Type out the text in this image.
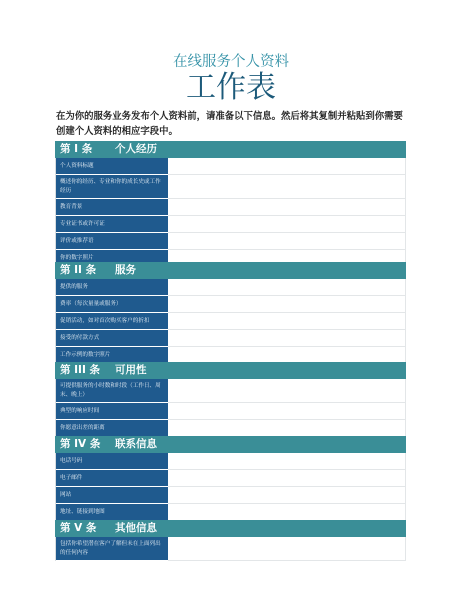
在线服务个人资料
工作表
在为你的服务业务发布个人资料前，请准备以下信息。然后将其复制并粘贴到你需要创建个人资料的相应字段中。
第 I 条	个人经历
个人资料标题
概述你的经历、专业和你的成长史或工作经历
教育背景
专业证书或许可证
评价或推荐语
你的数字照片
第 II 条	服务
提供的服务
费率（每次量量或服务）
促销活动，如对首次购买客户的折扣
接受的付款方式
工作示例的数字照片
第 III 条	可用性
可提供服务的小时数和时段（工作日、周末、晚上）
典型的响应时间
你愿意出差的距离
第 IV 条	联系信息
电话号码
电子邮件
网站
地址、链接到地图
第 V 条	其他信息
包括你希望潜在客户了解但未在上面列出的任何内容
